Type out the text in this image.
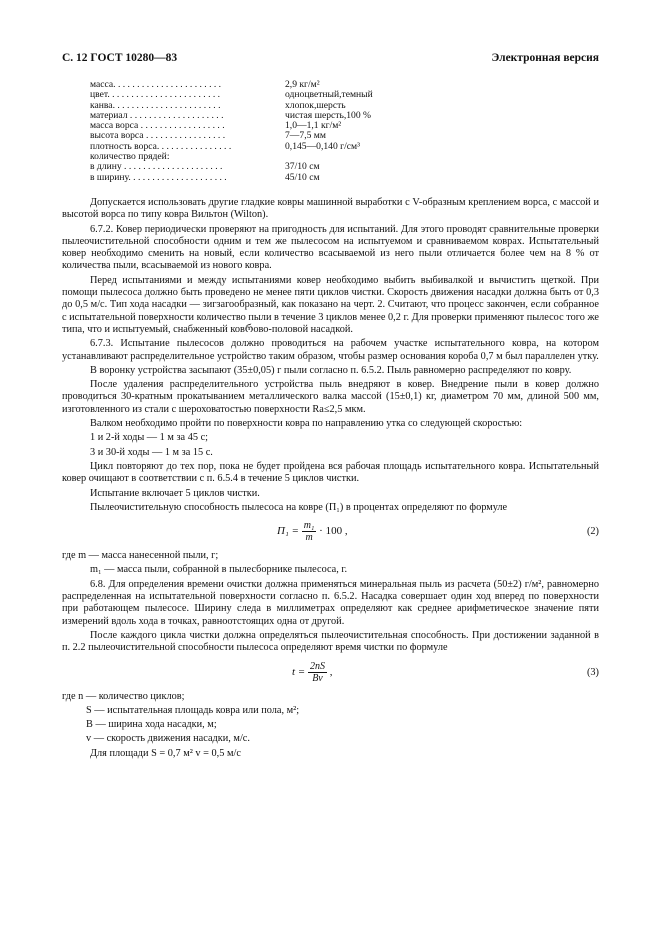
С. 12 ГОСТ 10280—83	Электронная версия
масса. . . . . . . . . . . . . . . . . . . . . . .	2,9 кг/м²
цвет. . . . . . . . . . . . . . . . . . . . . . . .	одноцветный,темный
канва. . . . . . . . . . . . . . . . . . . . . . .	хлопок,шерсть
материал . . . . . . . . . . . . . . . . . . . .	чистая шерсть,100 %
масса ворса . . . . . . . . . . . . . . . . . .	1,0—1,1 кг/м²
высота ворса . . . . . . . . . . . . . . . . .	7—7,5 мм
плотность ворса. . . . . . . . . . . . . . . .	0,145—0,140 г/см³
количество прядей:
в длину . . . . . . . . . . . . . . . . . . . . .	37/10 см
в ширину. . . . . . . . . . . . . . . . . . . . .	45/10 см

Допускается использовать другие гладкие ковры машинной выработки с V-образным креплением ворса, с массой и высотой ворса по типу ковра Вильтон (Wilton).

6.7.2. Ковер периодически проверяют на пригодность для испытаний. Для этого проводят сравнительные проверки пылеочистительной способности одним и тем же пылесосом на испытуемом и сравниваемом коврах. Испытательный ковер необходимо сменить на новый, если количество всасываемой из него пыли отличается более чем на 8 % от количества пыли, всасываемой из нового ковра.

Перед испытаниями и между испытаниями ковер необходимо выбить выбивалкой и вычистить щеткой. При помощи пылесоса должно быть проведено не менее пяти циклов чистки. Скорость движения насадки должна быть от 0,3 до 0,5 м/с. Тип хода насадки — зигзагообразный, как показано на черт. 2. Считают, что процесс закончен, если собранное с испытательной поверхности количество пыли в течение 3 циклов менее 0,2 г. Для проверки применяют пылесос того же типа, что и испытуемый, снабженный ковრово-половой насадкой.

6.7.3. Испытание пылесосов должно проводиться на рабочем участке испытательного ковра, на котором устанавливают распределительное устройство таким образом, чтобы размер основания короба 0,7 м был параллелен утку.

В воронку устройства засыпают (35±0,05) г пыли согласно п. 6.5.2. Пыль равномерно распределяют по ковру.

После удаления распределительного устройства пыль внедряют в ковер. Внедрение пыли в ковер должно проводиться 30-кратным прокатыванием металлического валка массой (15±0,1) кг, диаметром 70 мм, длиной 500 мм, изготовленного из стали с шероховатостью поверхности Ra≤2,5 мкм.

Валком необходимо пройти по поверхности ковра по направлению утка со следующей скоростью:

1 и 2-й ходы — 1 м за 45 с;

3 и 30-й ходы — 1 м за 15 с.

Цикл повторяют до тех пор, пока не будет пройдена вся рабочая площадь испытательного ковра. Испытательный ковер очищают в соответствии с п. 6.5.4 в течение 5 циклов чистки.

Испытание включает 5 циклов чистки.

Пылеочистительную способность пылесоса на ковре (П₁) в процентах определяют по формуле

$П_1 = \frac{\text{m₁}}{m} \cdot 100$ ,	(2)

где m — масса нанесенной пыли, г;

m₁ — масса пыли, собранной в пылесборнике пылесоса, г.

6.8. Для определения времени очистки должна применяться минеральная пыль из расчета (50±2) г/м², равномерно распределенная на испытательной поверхности согласно п. 6.5.2. Насадка совершает один ход вперед по поверхности при работающем пылесосе. Ширину следа в миллиметрах определяют как среднее арифметическое значение пяти измерений вдоль хода в точках, равноотстоящих одна от другой.

После каждого цикла чистки должна определяться пылеочистительная способность. При достижении заданной в п. 2.2 пылеочистительной способности пылесоса определяют время чистки по формуле

$t = \frac{2nS}{Bv}$ ,	(3)

где n — количество циклов;

S — испытательная площадь ковра или пола, м²;

B — ширина хода насадки, м;

v — скорость движения насадки, м/с.

Для площади S = 0,7 м² v = 0,5 м/с
